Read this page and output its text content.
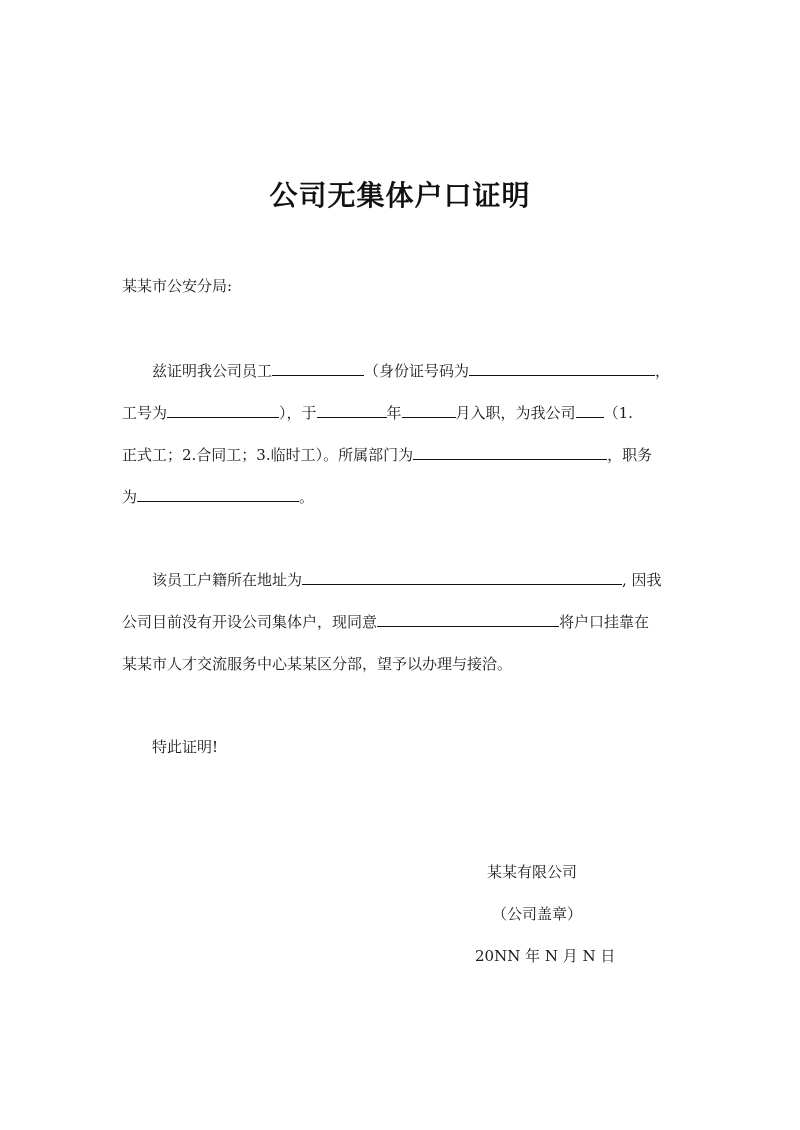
公司无集体户口证明
某某市公安分局:
兹证明我公司员工	（身份证号码为	，
工号为	），于	年	月入职，为我公司 （1.
正式工；2.合同工；3.临时工）。所属部门为	，职务
为	。
该员工户籍所在地址为	, 因我
公司目前没有开设公司集体户，现同意	将户口挂靠在
某某市人才交流服务中心某某区分部，望予以办理与接洽。
特此证明!
某某有限公司
（公司盖章）
20NN 年 N 月 N 日
